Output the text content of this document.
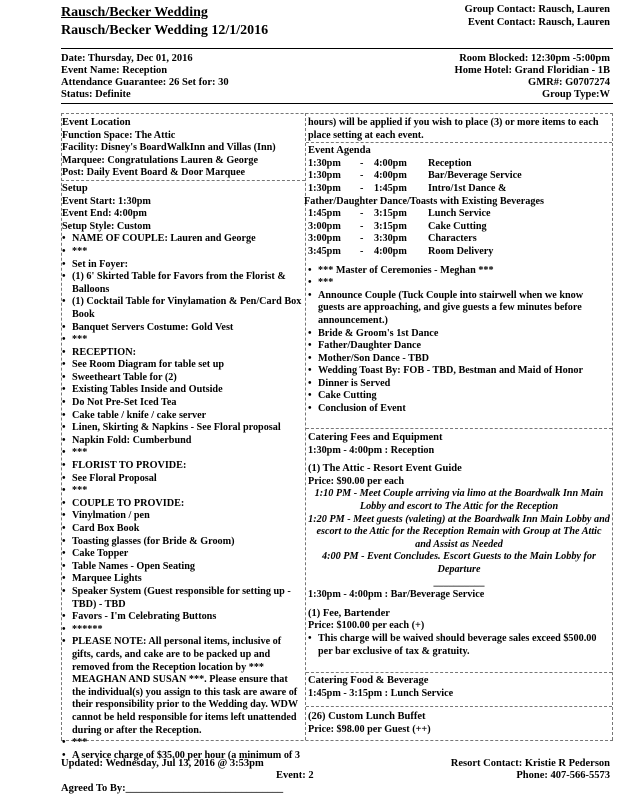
Rausch/Becker Wedding
Rausch/Becker Wedding 12/1/2016
Group Contact: Rausch, Lauren
Event Contact: Rausch, Lauren
Date: Thursday, Dec 01, 2016
Event Name: Reception
Attendance Guarantee: 26 Set for: 30
Status: Definite
Room Blocked: 12:30pm -5:00pm
Home Hotel: Grand Floridian - 1B
GMR#: G0707274
Group Type:W
Event Location
Function Space: The Attic
Facility: Disney's BoardWalkInn and Villas (Inn)
Marquee: Congratulations Lauren & George
Post: Daily Event Board & Door Marquee
Setup
Event Start: 1:30pm
Event End: 4:00pm
Setup Style: Custom
• NAME OF COUPLE: Lauren and George
• ***
• Set in Foyer:
• (1) 6' Skirted Table for Favors from the Florist & Balloons
• (1) Cocktail Table for Vinylamation & Pen/Card Box Book
• Banquet Servers Costume: Gold Vest
• ***
• RECEPTION:
• See Room Diagram for table set up
• Sweetheart Table for (2)
• Existing Tables Inside and Outside
• Do Not Pre-Set Iced Tea
• Cake table / knife / cake server
• Linen, Skirting & Napkins - See Floral proposal
• Napkin Fold: Cumberbund
• ***
• FLORIST TO PROVIDE:
• See Floral Proposal
• ***
• COUPLE TO PROVIDE:
• Vinylmation / pen
• Card Box Book
• Toasting glasses (for Bride & Groom)
• Cake Topper
• Table Names - Open Seating
• Marquee Lights
• Speaker System (Guest responsible for setting up - TBD) - TBD
• Favors - I'm Celebrating Buttons
• ******
• PLEASE NOTE: All personal items, inclusive of gifts, cards, and cake are to be packed up and removed from the Reception location by *** MEAGHAN AND SUSAN ***. Please ensure that the individual(s) you assign to this task are aware of their responsibility prior to the Wedding day. WDW cannot be held responsible for items left unattended during or after the Reception.
• ***
• A service charge of $35.00 per hour (a minimum of 3
hours) will be applied if you wish to place (3) or more items to each place setting at each event.
Event Agenda
1:30pm	-	4:00pm	Reception
1:30pm	-	4:00pm	Bar/Beverage Service
1:30pm	-	1:45pm	Intro/1st Dance &
Father/Daughter Dance/Toasts with Existing Beverages
1:45pm	-	3:15pm	Lunch Service
3:00pm	-	3:15pm	Cake Cutting
3:00pm	-	3:30pm	Characters
3:45pm	-	4:00pm	Room Delivery
• *** Master of Ceremonies - Meghan ***
• ***
• Announce Couple (Tuck Couple into stairwell when we know guests are approaching, and give guests a few minutes before announcement.)
• Bride & Groom's 1st Dance
• Father/Daughter Dance
• Mother/Son Dance - TBD
• Wedding Toast By: FOB - TBD, Bestman and Maid of Honor
• Dinner is Served
• Cake Cutting
• Conclusion of Event
Catering Fees and Equipment
1:30pm - 4:00pm : Reception
(1) The Attic - Resort Event Guide
Price: $90.00 per each
1:10 PM - Meet Couple arriving via limo at the Boardwalk Inn Main Lobby and escort to The Attic for the Reception
1:20 PM - Meet guests (valeting) at the Boardwalk Inn Main Lobby and escort to the Attic for the Reception Remain with Group at The Attic and Assist as Needed
4:00 PM - Event Concludes. Escort Guests to the Main Lobby for Departure
__________
1:30pm - 4:00pm : Bar/Beverage Service
(1) Fee, Bartender
Price: $100.00 per each (+)
• This charge will be waived should beverage sales exceed $500.00 per bar exclusive of tax & gratuity.
Catering Food & Beverage
1:45pm - 3:15pm : Lunch Service
(26) Custom Lunch Buffet
Price: $98.00 per Guest (++)
Updated: Wednesday, Jul 13, 2016 @ 3:53pm
Event: 2
Resort Contact: Kristie R Pederson
Phone: 407-566-5573
Agreed To By:______________________________
